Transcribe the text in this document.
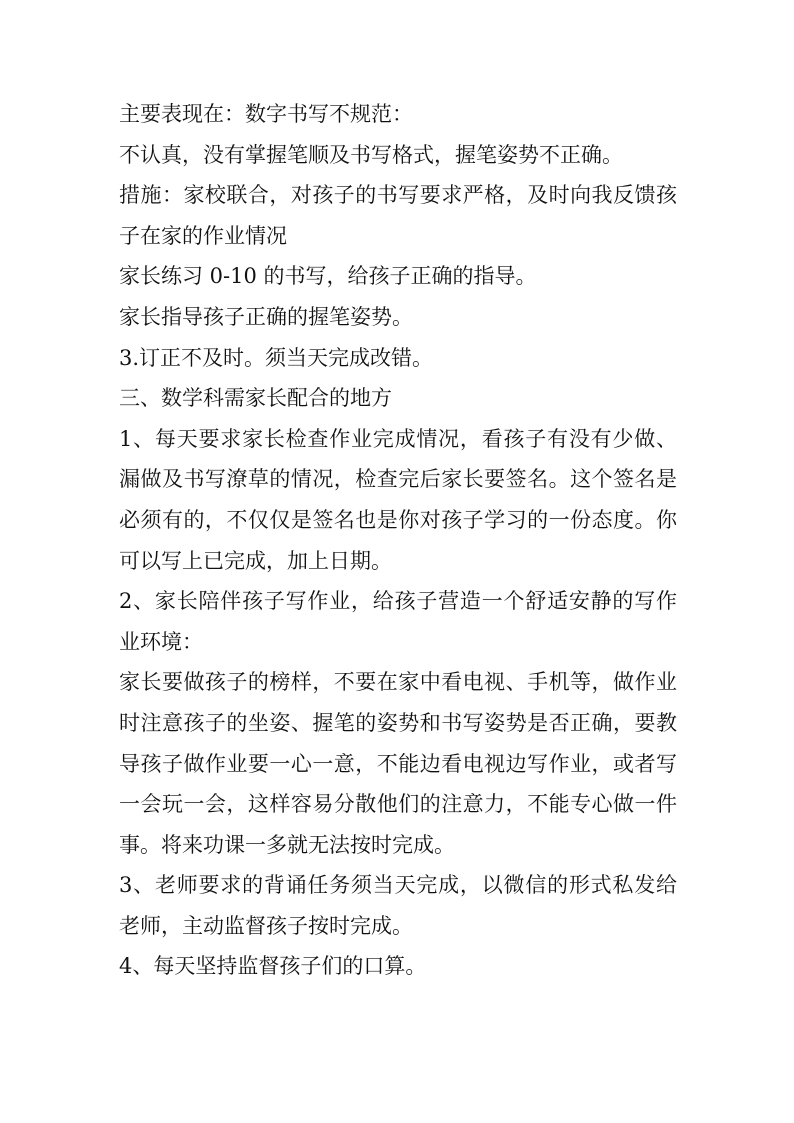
主要表现在：数字书写不规范：

不认真，没有掌握笔顺及书写格式，握笔姿势不正确。

措施：家校联合，对孩子的书写要求严格，及时向我反馈孩子在家的作业情况

家长练习 0-10 的书写，给孩子正确的指导。

家长指导孩子正确的握笔姿势。

3.订正不及时。须当天完成改错。

三、数学科需家长配合的地方

1、每天要求家长检查作业完成情况，看孩子有没有少做、漏做及书写潦草的情况，检查完后家长要签名。这个签名是必须有的，不仅仅是签名也是你对孩子学习的一份态度。你可以写上已完成，加上日期。

2、家长陪伴孩子写作业，给孩子营造一个舒适安静的写作业环境：

家长要做孩子的榜样，不要在家中看电视、手机等，做作业时注意孩子的坐姿、握笔的姿势和书写姿势是否正确，要教导孩子做作业要一心一意，不能边看电视边写作业，或者写一会玩一会，这样容易分散他们的注意力，不能专心做一件事。将来功课一多就无法按时完成。

3、老师要求的背诵任务须当天完成，以微信的形式私发给老师，主动监督孩子按时完成。

4、每天坚持监督孩子们的口算。
